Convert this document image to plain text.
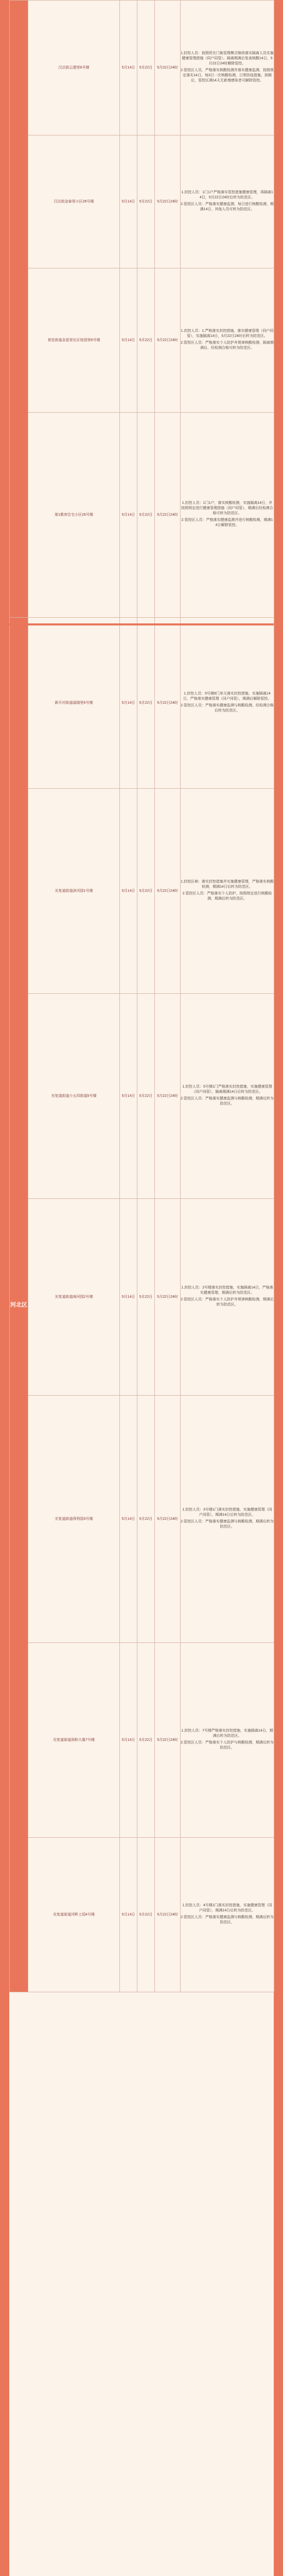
	汉沽街云建里6号楼	5月14日	5月22日	5月22日24时	1.封控人员：按照所在门栋管理模式继续落实隔离人员实施健康管理措施（同户同管）。隔离期满后复查核酸14日，5月22日24时解除管控。

2.管控区人员，严格落实核酸检测并落实健康监测，按照规定落实14日，每3日一次核酸检测，日常防疫措施，到期后，管控区满14天无新增感染者可解除管控。

	汉沽街金泰里小区26号楼	5月14日	5月22日	5月22日24时	1.封控人员：1门1户严格落实管控措施健康管理，再隔离14日，5月22日24时后转为防范区。

2.管控区人员：严格落实健康监测，每日进行核酸检测，期满14日，其他人员可转为防范区。

	景佳街道金星里社区桂园里6号楼	5月14日	5月22日	5月22日24时	1.封控人员：1.严格落实封控措施，落实健康管理（同户同管），实施隔离14日，5月22日24时后转为防范区。

2.管控区人员：严格落实个人防护并规律核酸检测，隔离期满后，经检测合格可转为防范区。

	第1教育住宅小区26号楼	5月14日	5月22日	5月22日24时	1.封控人员：1门1户，落实核酸检测，实施隔离14日，并按照规定进行健康管理措施（同户同管），期满后经检测合格可转为防范区。

2.管控区人员：严格落实健康监测并进行核酸检测，期满14日解除管控。

河北区	新开河街道福瑞里5号楼	5月14日	5月22日	5月22日24时	1.封控人员：5号楼8门单元落实封控措施，实施隔离14日，严格落实健康管理（同户同管），期满后解除管控。

2.管控区人员：严格落实健康监测与核酸检测，经检测合格后转为防范区。

	光复道街道滨河园1号楼	5月14日	5月22日	5月22日24时	1.封控区域：落实封控措施并实施健康管理，严格落实核酸检测，期满14日后转为防范区。

2.管控区人员：严格落实个人防护，按照规定进行核酸检测，期满后转为防范区。

	光复道街道小五四街道5号楼	5月14日	5月22日	5月22日24时	1.封控人员：5号楼1门严格落实封控措施，实施健康管理（同户同管），隔离期满14日后转为防范区。

2.管控区人员：严格落实健康监测与核酸检测，期满后转为防范区。

	光复道街道海河园2号楼	5月14日	5月22日	5月22日24时	1.封控人员：2号楼落实封控措施，实施隔离14日，严格落实健康管理，期满后转为防范区。

2.管控区人员：严格落实个人防护并规律核酸检测，期满后转为防范区。

	光复道街道得利园3号楼	5月14日	5月22日	5月22日24时	1.封控人员：3号楼1门落实封控措施，实施健康管理（同户同管），期满14日后转为防范区。

2.管控区人员：严格落实健康监测与核酸检测，期满后转为防范区。

	光复道街道润和大厦7号楼	5月14日	5月22日	5月22日24时	1.封控人员：7号楼严格落实封控措施，实施隔离14日，期满后转为防范区。

2.管控区人员：严格落实个人防护与核酸检测，期满后转为防范区。

	光复道街道河畔上园4号楼	5月14日	5月22日	5月22日24时	1.封控人员：4号楼1门落实封控措施，实施健康管理（同户同管），期满14日后转为防范区。

2.管控区人员：严格落实健康监测与核酸检测，期满后转为防范区。
